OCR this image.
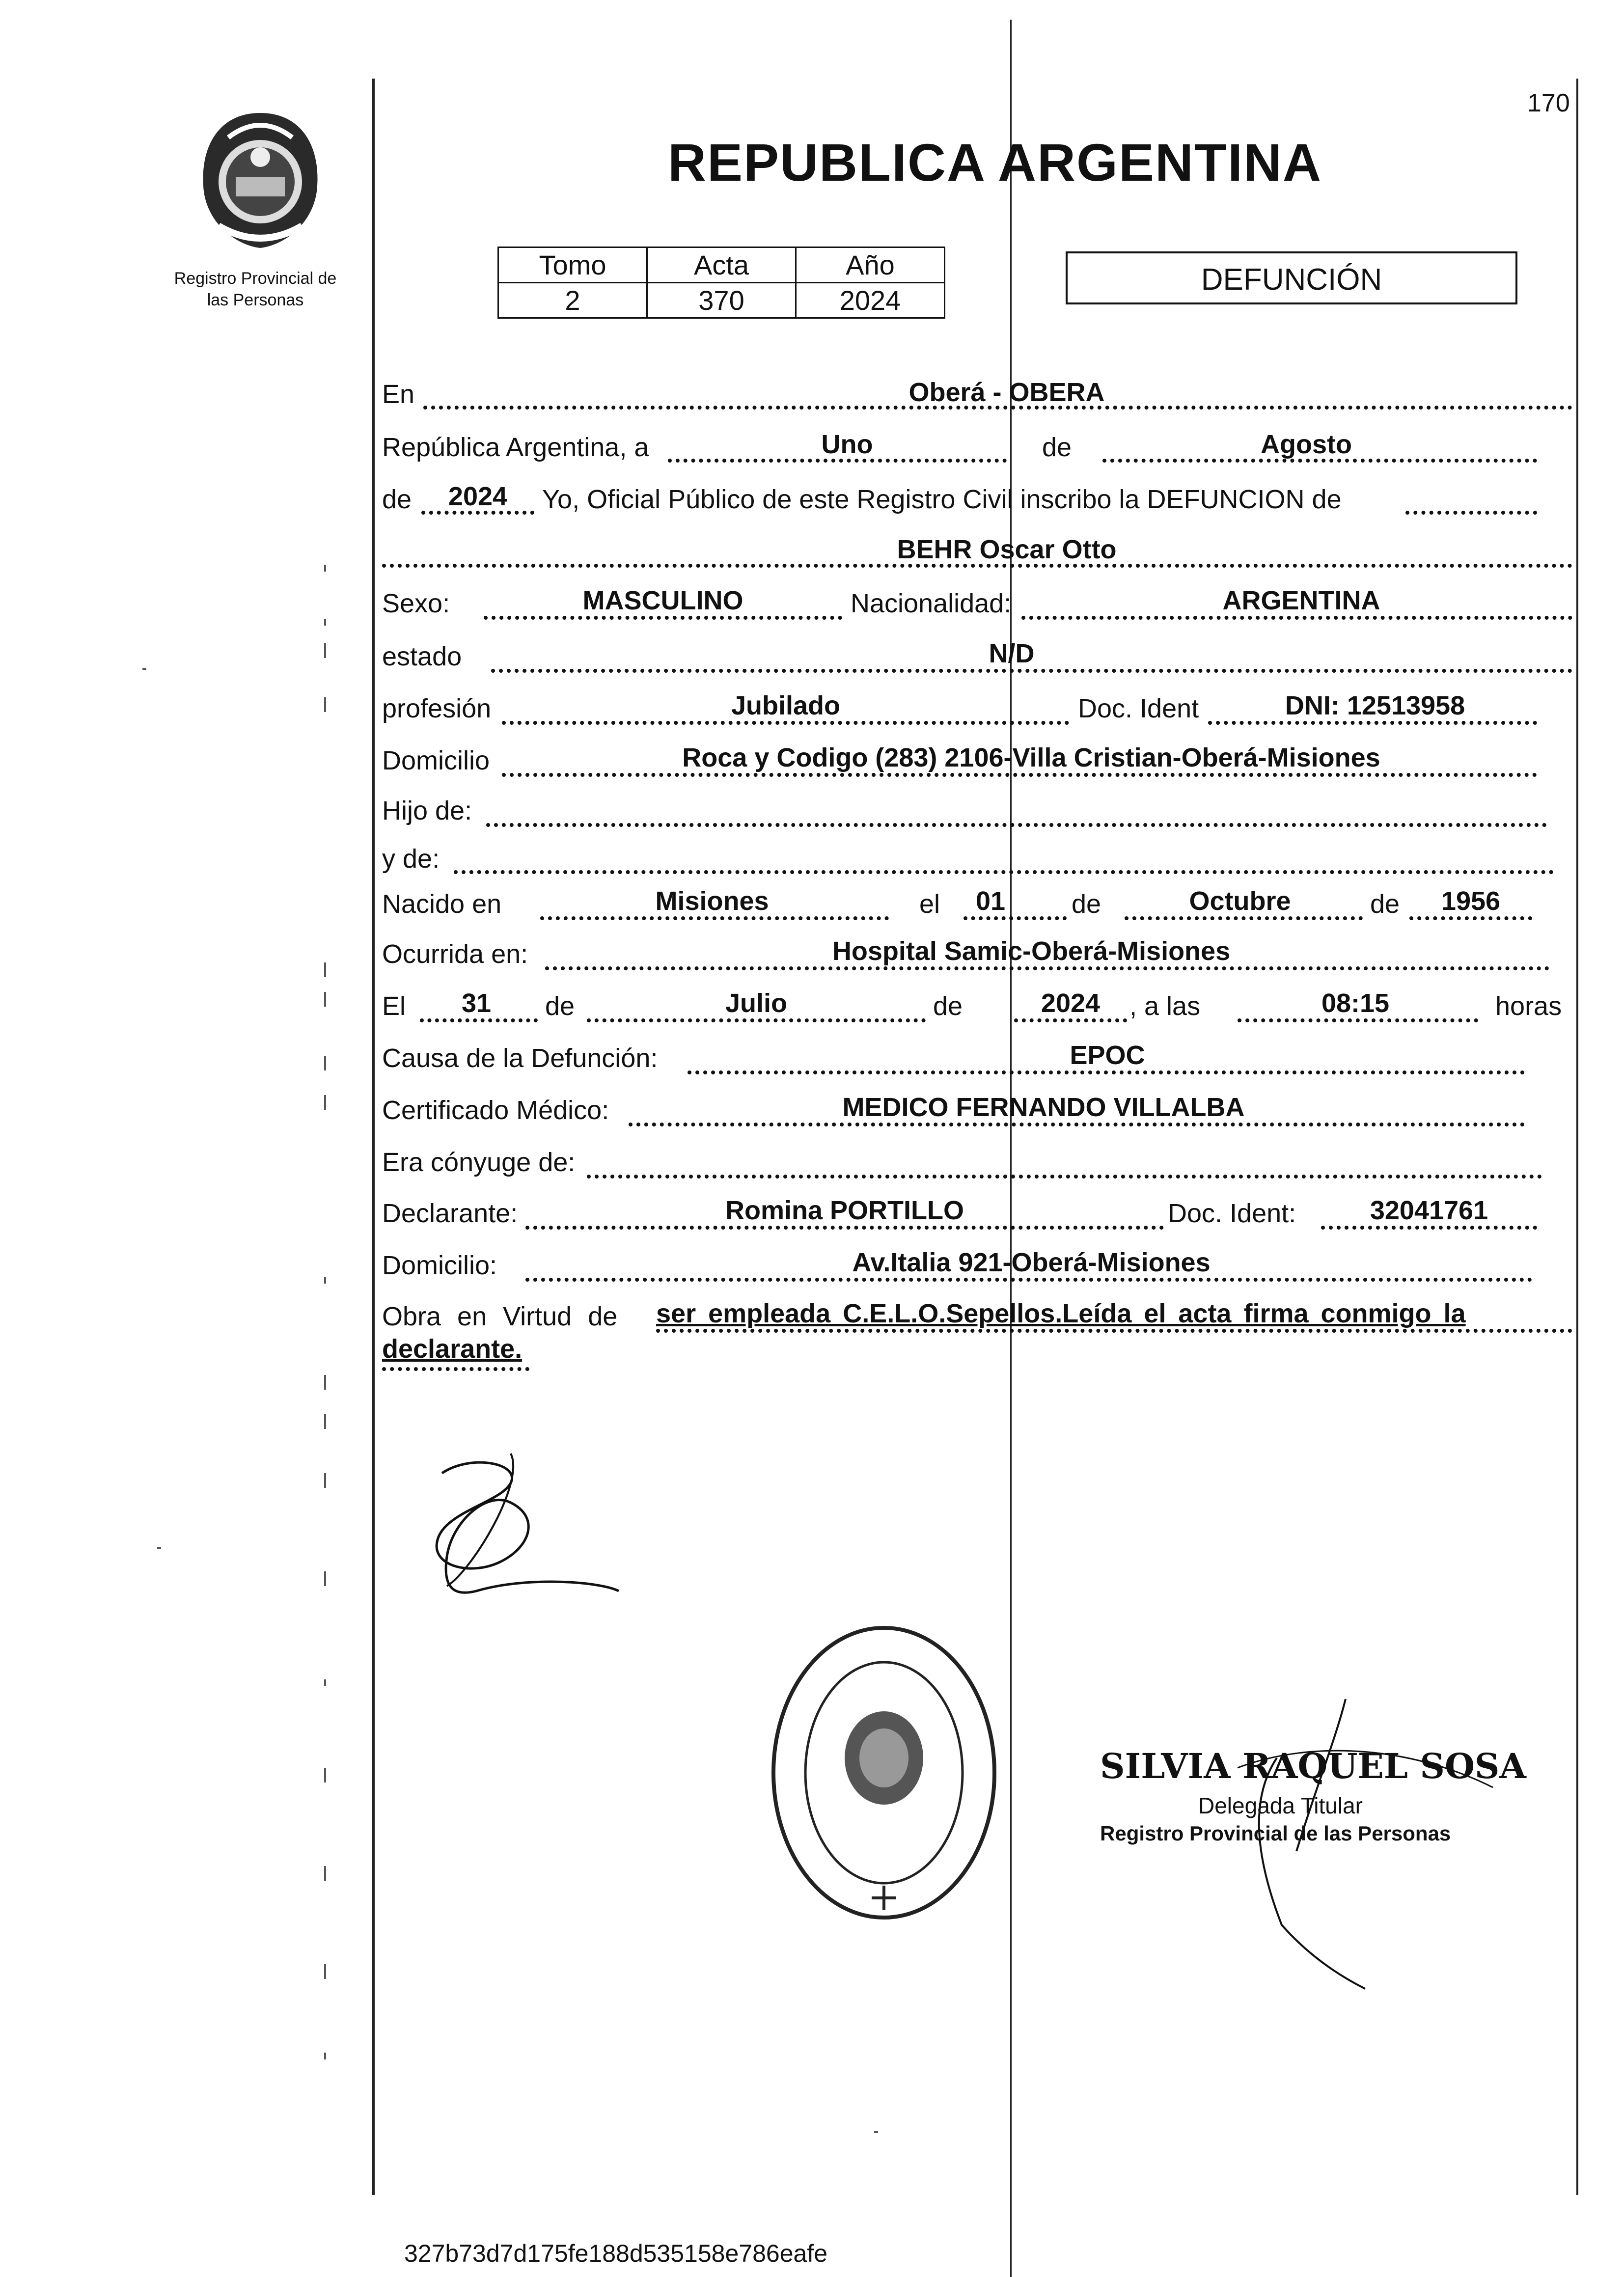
Registro Provincial de
las Personas
170
REPUBLICA ARGENTINA
Tomo	Acta	Año
2	370	2024
DEFUNCIÓN
En	Oberá - OBERA
República Argentina, a	Uno	de	Agosto
de	2024	Yo, Oficial Público de este Registro Civil inscribo la DEFUNCION de
BEHR Oscar Otto
Sexo:	MASCULINO	Nacionalidad:	ARGENTINA
estado	N/D
profesión	Jubilado	Doc. Ident	DNI: 12513958
Domicilio	Roca y Codigo (283) 2106-Villa Cristian-Oberá-Misiones
Hijo de:
y de:
Nacido en	Misiones	el	01	de	Octubre	de	1956
Ocurrida en:	Hospital Samic-Oberá-Misiones
El	31	de	Julio	de	2024	, a las	08:15	horas
Causa de la Defunción:	EPOC
Certificado Médico:	MEDICO FERNANDO VILLALBA
Era cónyuge de:
Declarante:	Romina PORTILLO	Doc. Ident:	32041761
Domicilio:	Av.Italia 921-Oberá-Misiones
Obra en Virtud de ser empleada C.E.L.O.Sepellos.Leída el acta firma conmigo la
declarante.
SILVIA RAQUEL SOSA
Delegada Titular
Registro Provincial de las Personas
327b73d7d175fe188d535158e786eafe
